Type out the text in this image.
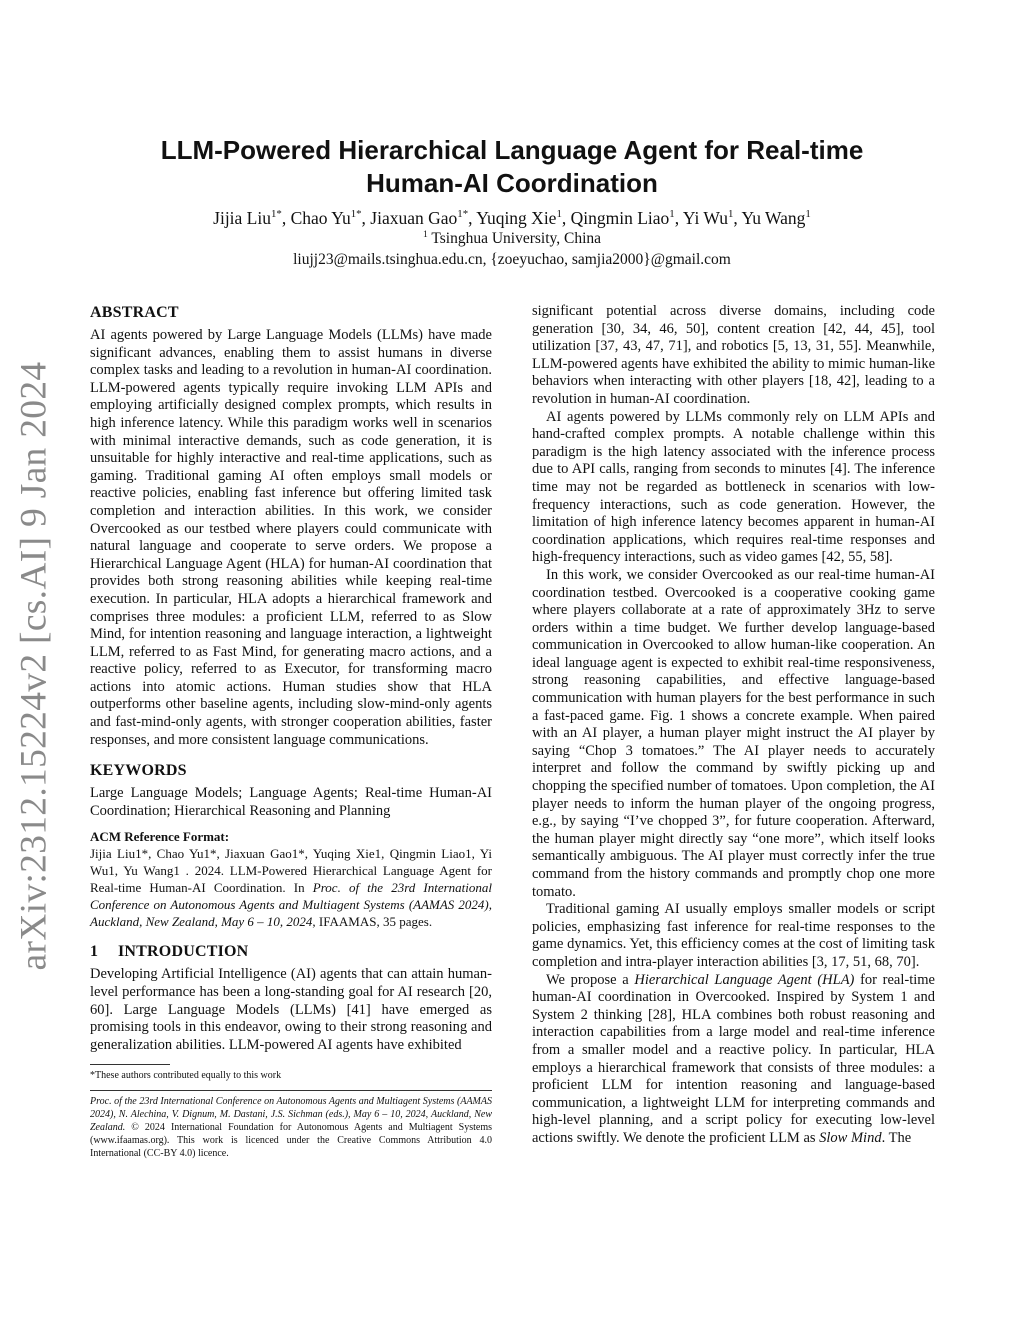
arXiv:2312.15224v2 [cs.AI] 9 Jan 2024
LLM-Powered Hierarchical Language Agent for Real-time
Human-AI Coordination
Jijia Liu$^{1*}$, Chao $Yu^{1*}$, Jiaxuan Gao$^{1*}$, Yuqing Xie$^1$, Qingmin Liao$^1$, Yi Wu$^1$, Yu Wang$^1$
$^1$ Tsinghua University, China
liujj23@mails.tsinghua.edu.cn, {zoeyuchao, samjia2000}@gmail.com
ABSTRACT

AI agents powered by Large Language Models (LLMs) have made significant advances, enabling them to assist humans in diverse complex tasks and leading to a revolution in human-AI coordination. LLM-powered agents typically require invoking LLM APIs and employing artificially designed complex prompts, which results in high inference latency. While this paradigm works well in scenarios with minimal interactive demands, such as code generation, it is unsuitable for highly interactive and real-time applications, such as gaming. Traditional gaming AI often employs small models or reactive policies, enabling fast inference but offering limited task completion and interaction abilities. In this work, we consider Overcooked as our testbed where players could communicate with natural language and cooperate to serve orders. We propose a Hierarchical Language Agent (HLA) for human-AI coordination that provides both strong reasoning abilities while keeping real-time execution. In particular, HLA adopts a hierarchical framework and comprises three modules: a proficient LLM, referred to as Slow Mind, for intention reasoning and language interaction, a lightweight LLM, referred to as Fast Mind, for generating macro actions, and a reactive policy, referred to as Executor, for transforming macro actions into atomic actions. Human studies show that HLA outperforms other baseline agents, including slow-mind-only agents and fast-mind-only agents, with stronger cooperation abilities, faster responses, and more consistent language communications.

KEYWORDS

Large Language Models; Language Agents; Real-time Human-AI Coordination; Hierarchical Reasoning and Planning

ACM Reference Format:
Jijia Liu1*, Chao Yu1*, Jiaxuan Gao1*, Yuqing Xie1, Qingmin Liao1, Yi Wu1, Yu Wang1 . 2024. LLM-Powered Hierarchical Language Agent for Real-time Human-AI Coordination. In Proc. of the 23rd International Conference on Autonomous Agents and Multiagent Systems (AAMAS 2024), Auckland, New Zealand, May 6 – 10, 2024, IFAAMAS, 35 pages.
1 INTRODUCTION

Developing Artificial Intelligence (AI) agents that can attain human-level performance has been a long-standing goal for AI research [20, 60]. Large Language Models (LLMs) [41] have emerged as promising tools in this endeavor, owing to their strong reasoning and generalization abilities. LLM-powered AI agents have exhibited

*These authors contributed equally to this work
Proc. of the 23rd International Conference on Autonomous Agents and Multiagent Systems (AAMAS 2024), N. Alechina, V. Dignum, M. Dastani, J.S. Sichman (eds.), May 6 – 10, 2024, Auckland, New Zealand. © 2024 International Foundation for Autonomous Agents and Multiagent Systems (www.ifaamas.org). This work is licenced under the Creative Commons Attribution 4.0 International (CC-BY 4.0) licence.

significant potential across diverse domains, including code generation [30, 34, 46, 50], content creation [42, 44, 45], tool utilization [37, 43, 47, 71], and robotics [5, 13, 31, 55]. Meanwhile, LLM-powered agents have exhibited the ability to mimic human-like behaviors when interacting with other players [18, 42], leading to a revolution in human-AI coordination.

AI agents powered by LLMs commonly rely on LLM APIs and hand-crafted complex prompts. A notable challenge within this paradigm is the high latency associated with the inference process due to API calls, ranging from seconds to minutes [4]. The inference time may not be regarded as bottleneck in scenarios with low-frequency interactions, such as code generation. However, the limitation of high inference latency becomes apparent in human-AI coordination applications, which requires real-time responses and high-frequency interactions, such as video games [42, 55, 58].

In this work, we consider Overcooked as our real-time human-AI coordination testbed. Overcooked is a cooperative cooking game where players collaborate at a rate of approximately 3Hz to serve orders within a time budget. We further develop language-based communication in Overcooked to allow human-like cooperation. An ideal language agent is expected to exhibit real-time responsiveness, strong reasoning capabilities, and effective language-based communication with human players for the best performance in such a fast-paced game. Fig. 1 shows a concrete example. When paired with an AI player, a human player might instruct the AI player by saying “Chop 3 tomatoes.” The AI player needs to accurately interpret and follow the command by swiftly picking up and chopping the specified number of tomatoes. Upon completion, the AI player needs to inform the human player of the ongoing progress, e.g., by saying “I’ve chopped 3”, for future cooperation. Afterward, the human player might directly say “one more”, which itself looks semantically ambiguous. The AI player must correctly infer the true command from the history commands and promptly chop one more tomato.

Traditional gaming AI usually employs smaller models or script policies, emphasizing fast inference for real-time responses to the game dynamics. Yet, this efficiency comes at the cost of limiting task completion and intra-player interaction abilities [3, 17, 51, 68, 70].

We propose a Hierarchical Language Agent (HLA) for real-time human-AI coordination in Overcooked. Inspired by System 1 and System 2 thinking [28], HLA combines both robust reasoning and interaction capabilities from a large model and real-time inference from a smaller model and a reactive policy. In particular, HLA employs a hierarchical framework that consists of three modules: a proficient LLM for intention reasoning and language-based communication, a lightweight LLM for interpreting commands and high-level planning, and a script policy for executing low-level actions swiftly. We denote the proficient LLM as Slow Mind. The
